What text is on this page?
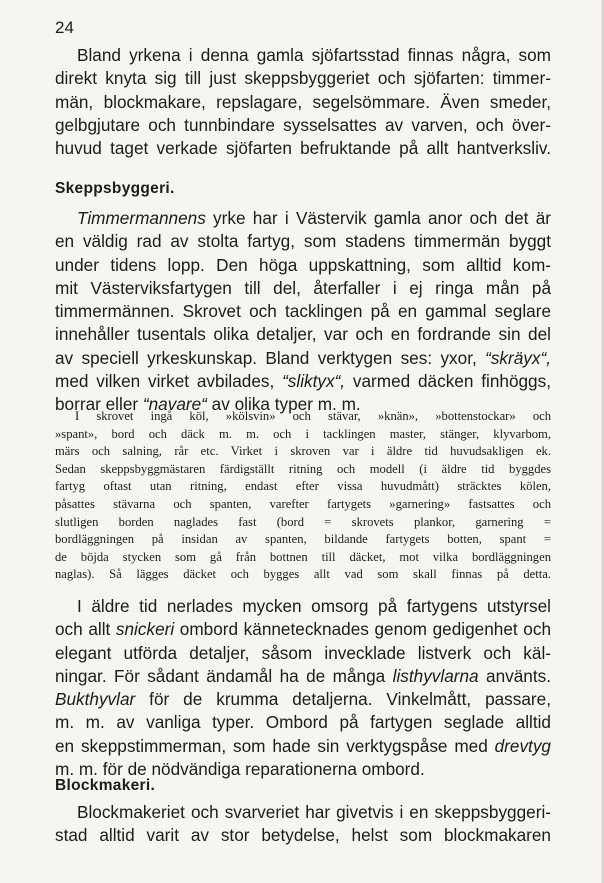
24

Bland yrkena i denna gamla sjöfartsstad finnas några, som

direkt knyta sig till just skeppsbyggeriet och sjöfarten: timmer-
män, blockmakare, repslagare, segelsömmare. Även smeder,
gelbgjutare och tunnbindare sysselsattes av varven, och över-
huvud taget verkade sjöfarten befruktande på allt hantverksliv.
Skeppsbyggeri.

Timmermannens yrke har i Västervik gamla anor och det är

en väldig rad av stolta fartyg, som stadens timmermän byggt
under tidens lopp. Den höga uppskattning, som alltid kom-
mit Västerviksfartygen till del, återfaller i ej ringa mån på
timmermännen. Skrovet och tacklingen på en gammal seglare
innehåller tusentals olika detaljer, var och en fordrande sin del
av speciell yrkeskunskap. Bland verktygen ses: yxor, “skräyx“,
med vilken virket avbilades, “sliktyx“, varmed däcken finhöggs,
borrar eller “navare“ av olika typer m. m.
I skrovet ingå köl, »kölsvin» och stävar, »knän», »bottenstockar» och
»spant», bord och däck m. m. och i tacklingen master, stänger, klyvarbom,
märs och salning, rår etc. Virket i skroven var i äldre tid huvudsakligen ek.
Sedan skeppsbyggmästaren färdigställt ritning och modell (i äldre tid byggdes
fartyg oftast utan ritning, endast efter vissa huvudmått) sträcktes kölen,
påsattes stävarna och spanten, varefter fartygets »garnering» fastsattes och
slutligen borden naglades fast (bord = skrovets plankor, garnering =
bordläggningen på insidan av spanten, bildande fartygets botten, spant =
de böjda stycken som gå från bottnen till däcket, mot vilka bordläggningen
naglas). Så lägges däcket och bygges allt vad som skall finnas på detta.

I äldre tid nerlades mycken omsorg på fartygens utstyrsel

och allt snickeri ombord kännetecknades genom gedigenhet och
elegant utförda detaljer, såsom invecklade listverk och käl-
ningar. För sådant ändamål ha de många listhyvlarna använts.
Bukthyvlar för de krumma detaljerna. Vinkelmått, passare,
m. m. av vanliga typer. Ombord på fartygen seglade alltid
en skeppstimmerman, som hade sin verktygspåse med drevtyg
m. m. för de nödvändiga reparationerna ombord.
Blockmakeri.

Blockmakeriet och svarveriet har givetvis i en skeppsbyggeri-

stad alltid varit av stor betydelse, helst som blockmakaren
